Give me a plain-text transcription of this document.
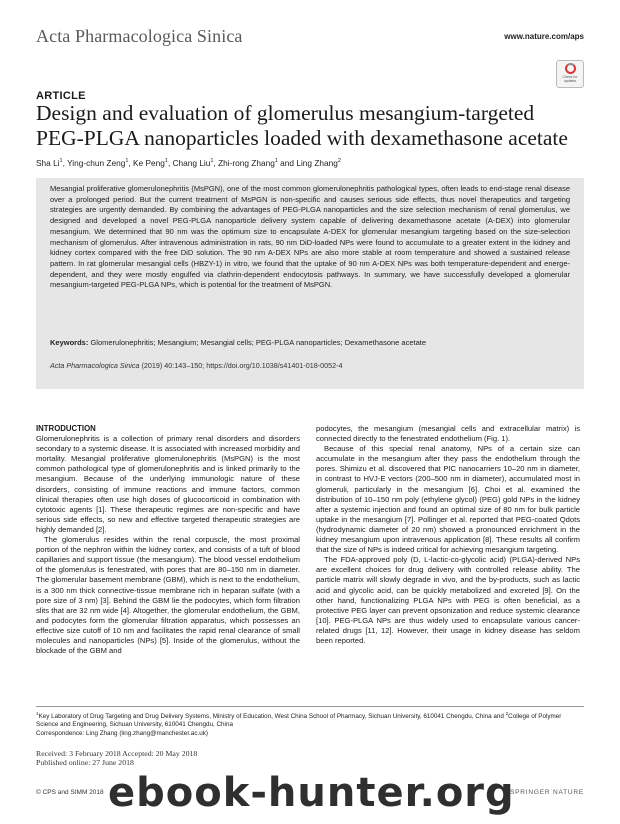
Acta Pharmacologica Sinica	www.nature.com/aps
Check for updates
ARTICLE
Design and evaluation of glomerulus mesangium-targeted PEG-PLGA nanoparticles loaded with dexamethasone acetate
Sha Li$^1$, Ying-chun Zeng$^1$, Ke Peng$^1$, Chang Liu$^1$, Zhi-rong Zhang$^1$ and Ling Zhang$^2$

Mesangial proliferative glomerulonephritis (MsPGN), one of the most common glomerulonephritis pathological types, often leads to end-stage renal disease over a prolonged period. But the current treatment of MsPGN is non-specific and causes serious side effects, thus novel therapeutics and targeting strategies are urgently demanded. By combining the advantages of PEG-PLGA nanoparticles and the size selection mechanism of renal glomerulus, we designed and developed a novel PEG-PLGA nanoparticle delivery system capable of delivering dexamethasone acetate (A-DEX) into glomerular mesangium. We determined that 90 nm was the optimum size to encapsulate A-DEX for glomerular mesangium targeting based on the size-selection mechanism of glomerulus. After intravenous administration in rats, 90 nm DiD-loaded NPs were found to accumulate to a greater extent in the kidney and kidney cortex compared with the free DiD solution. The 90 nm A-DEX NPs are also more stable at room temperature and showed a sustained release pattern. In rat glomerular mesangial cells (HBZY-1) in vitro, we found that the uptake of 90 nm A-DEX NPs was both temperature-dependent and energe-dependent, and they were mostly engulfed via clathrin-dependent endocytosis pathways. In summary, we have successfully developed a glomerular mesangium-targeted PEG-PLGA NPs, which is potential for the treatment of MsPGN.

Keywords: Glomerulonephritis; Mesangium; Mesangial cells; PEG-PLGA nanoparticles; Dexamethasone acetate
Acta Pharmacologica Sinica (2019) 40:143–150; https://doi.org/10.1038/s41401-018-0052-4
INTRODUCTION

Glomerulonephritis is a collection of primary renal disorders and disorders secondary to a systemic disease. It is associated with increased morbidity and mortality. Mesangial proliferative glomerulonephritis (MsPGN) is the most common pathological type of glomerulonephritis and is linked primarily to the mesangium. Because of the underlying immunologic nature of these disorders, consisting of immune reactions and immune factors, common clinical therapies often use high doses of glucocorticoid in combination with cytotoxic agents [1]. These therapeutic regimes are non-specific and have serious side effects, so new and effective targeted therapeutic strategies are highly demanded [2].

The glomerulus resides within the renal corpuscle, the most proximal portion of the nephron within the kidney cortex, and consists of a tuft of blood capillaries and support tissue (the mesangium). The blood vessel endothelium of the glomerulus is fenestrated, with pores that are 80–150 nm in diameter. The glomerular basement membrane (GBM), which is next to the endothelium, is a 300 nm thick connective-tissue membrane rich in heparan sulfate (with a pore size of 3 nm) [3]. Behind the GBM lie the podocytes, which form filtration slits that are 32 nm wide [4]. Altogether, the glomerular endothelium, the GBM, and podocytes form the glomerular filtration apparatus, which possesses an effective size cutoff of 10 nm and facilitates the rapid renal clearance of small molecules and nanoparticles (NPs) [5]. Inside of the glomerulus, without the blockade of the GBM and

podocytes, the mesangium (mesangial cells and extracellular matrix) is connected directly to the fenestrated endothelium (Fig. 1).

Because of this special renal anatomy, NPs of a certain size can accumulate in the mesangium after they pass the endothelium through the pores. Shimizu et al. discovered that PIC nanocarriers 10–20 nm in diameter, in contrast to HVJ-E vectors (200–500 nm in diameter), accumulated most in glomeruli, particularly in the mesangium [6]. Choi et al. examined the distribution of 10–150 nm poly (ethylene glycol) (PEG) gold NPs in the kidney after a systemic injection and found an optimal size of 80 nm for bulk particle uptake in the mesangium [7]. Pollinger et al. reported that PEG-coated Qdots (hydrodynamic diameter of 20 nm) showed a pronounced enrichment in the kidney mesangium upon intravenous application [8]. These results all confirm that the size of NPs is indeed critical for achieving mesangium targeting.

The FDA-approved poly (D, L-lactic-co-glycolic acid) (PLGA)-derived NPs are excellent choices for drug delivery with controlled release ability. The particle matrix will slowly degrade in vivo, and the by-products, such as lactic acid and glycolic acid, can be quickly metabolized and excreted [9]. On the other hand, functionalizing PLGA NPs with PEG is often beneficial, as a protective PEG layer can prevent opsonization and reduce systemic clearance [10]. PEG-PLGA NPs are thus widely used to encapsulate various cancer-related drugs [11, 12]. However, their usage in kidney disease has seldom been reported.

$^1$Key Laboratory of Drug Targeting and Drug Delivery Systems, Ministry of Education, West China School of Pharmacy, Sichuan University, 610041 Chengdu, China and $^2$College of Polymer Science and Engineering, Sichuan University, 610041 Chengdu, China
Correspondence: Ling Zhang (ling.zhang@manchester.ac.uk)
Received: 3 February 2018 Accepted: 20 May 2018
Published online: 27 June 2018
© CPS and SIMM 2018	SPRINGER NATURE
ebook-hunter.org
